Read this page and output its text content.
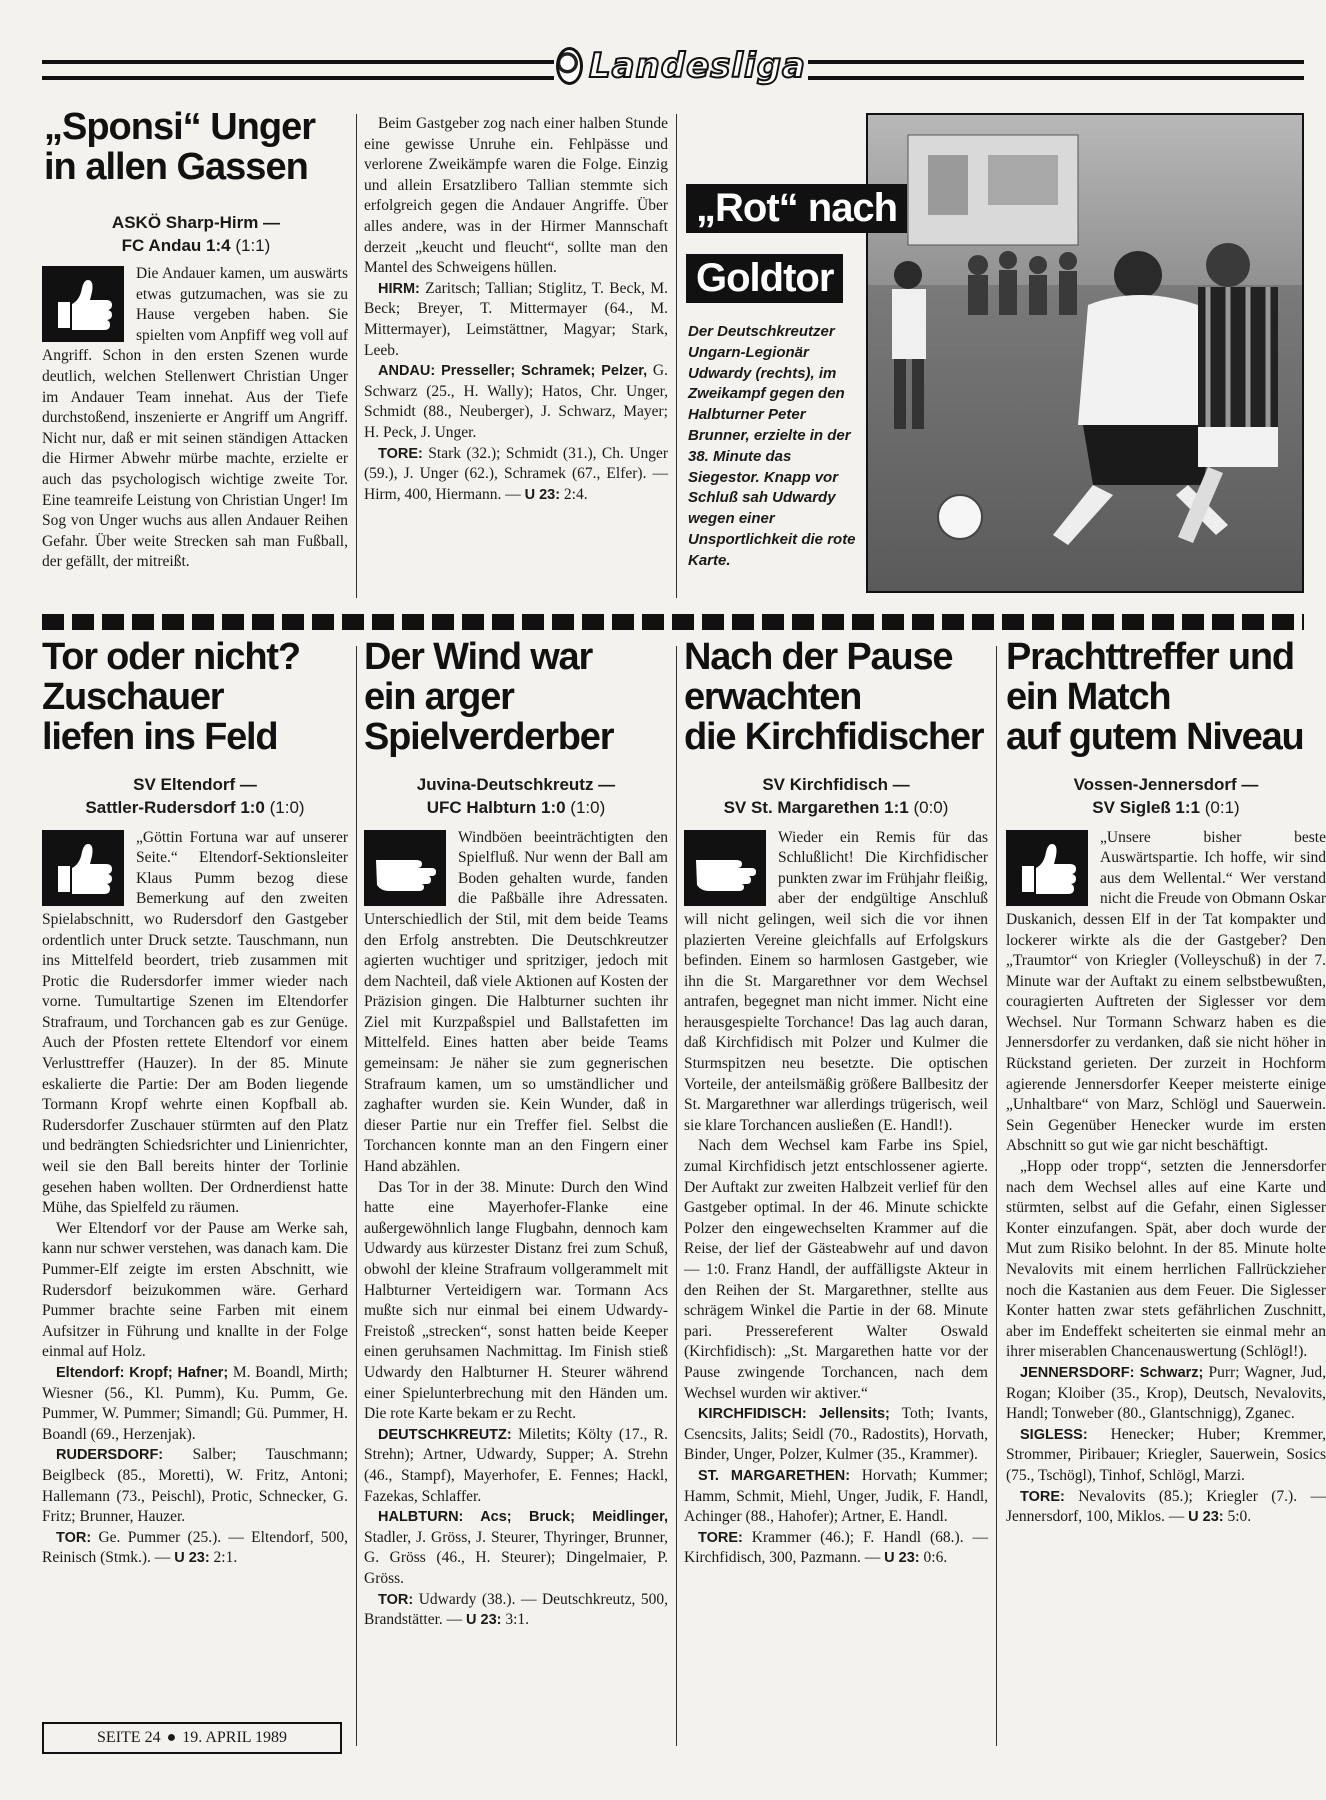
Landesliga
„Sponsi“ Unger
in allen Gassen
ASKÖ Sharp-Hirm —
FC Andau 1:4 (1:1)

Die Andauer kamen, um auswärts etwas gutzumachen, was sie zu Hause vergeben haben. Sie spielten vom Anpfiff weg voll auf Angriff. Schon in den ersten Szenen wurde deutlich, welchen Stellenwert Christian Unger im Andauer Team innehat. Aus der Tiefe durchstoßend, inszenierte er Angriff um Angriff. Nicht nur, daß er mit seinen ständigen Attacken die Hirmer Abwehr mürbe machte, erzielte er auch das psychologisch wichtige zweite Tor. Eine teamreife Leistung von Christian Unger! Im Sog von Unger wuchs aus allen Andauer Reihen Gefahr. Über weite Strecken sah man Fußball, der gefällt, der mitreißt.

Beim Gastgeber zog nach einer halben Stunde eine gewisse Unruhe ein. Fehlpässe und verlorene Zweikämpfe waren die Folge. Einzig und allein Ersatzlibero Tallian stemmte sich erfolgreich gegen die Andauer Angriffe. Über alles andere, was in der Hirmer Mannschaft derzeit „keucht und fleucht“, sollte man den Mantel des Schweigens hüllen.

HIRM: Zaritsch; Tallian; Stiglitz, T. Beck, M. Beck; Breyer, T. Mittermayer (64., M. Mittermayer), Leimstättner, Magyar; Stark, Leeb.

ANDAU: Presseller; Schramek; Pelzer, G. Schwarz (25., H. Wally); Hatos, Chr. Unger, Schmidt (88., Neuberger), J. Schwarz, Mayer; H. Peck, J. Unger.

TORE: Stark (32.); Schmidt (31.), Ch. Unger (59.), J. Unger (62.), Schramek (67., Elfer). — Hirm, 400, Hiermann. — U 23: 2:4.

„Rot“ nach
Goldtor
Der Deutschkreutzer Ungarn-Legionär Udwardy (rechts), im Zweikampf gegen den Halbturner Peter Brunner, erzielte in der 38. Minute das Siegestor. Knapp vor Schluß sah Udwardy wegen einer Unsportlichkeit die rote Karte.
Tor oder nicht?
Zuschauer
liefen ins Feld
SV Eltendorf —
Sattler-Rudersdorf 1:0 (1:0)

„Göttin Fortuna war auf unserer Seite.“ Eltendorf-Sektionsleiter Klaus Pumm bezog diese Bemerkung auf den zweiten Spielabschnitt, wo Rudersdorf den Gastgeber ordentlich unter Druck setzte. Tauschmann, nun ins Mittelfeld beordert, trieb zusammen mit Protic die Rudersdorfer immer wieder nach vorne. Tumultartige Szenen im Eltendorfer Strafraum, und Torchancen gab es zur Genüge. Auch der Pfosten rettete Eltendorf vor einem Verlusttreffer (Hauzer). In der 85. Minute eskalierte die Partie: Der am Boden liegende Tormann Kropf wehrte einen Kopfball ab. Rudersdorfer Zuschauer stürmten auf den Platz und bedrängten Schiedsrichter und Linienrichter, weil sie den Ball bereits hinter der Torlinie gesehen haben wollten. Der Ordnerdienst hatte Mühe, das Spielfeld zu räumen.

Wer Eltendorf vor der Pause am Werke sah, kann nur schwer verstehen, was danach kam. Die Pummer-Elf zeigte im ersten Abschnitt, wie Rudersdorf beizukommen wäre. Gerhard Pummer brachte seine Farben mit einem Aufsitzer in Führung und knallte in der Folge einmal auf Holz.

Eltendorf: Kropf; Hafner; M. Boandl, Mirth; Wiesner (56., Kl. Pumm), Ku. Pumm, Ge. Pummer, W. Pummer; Simandl; Gü. Pummer, H. Boandl (69., Herzenjak).

RUDERSDORF: Salber; Tauschmann; Beiglbeck (85., Moretti), W. Fritz, Antoni; Hallemann (73., Peischl), Protic, Schnecker, G. Fritz; Brunner, Hauzer.

TOR: Ge. Pummer (25.). — Eltendorf, 500, Reinisch (Stmk.). — U 23: 2:1.

Der Wind war
ein arger
Spielverderber
Juvina-Deutschkreutz —
UFC Halbturn 1:0 (1:0)

Windböen beeinträchtigten den Spielfluß. Nur wenn der Ball am Boden gehalten wurde, fanden die Paßbälle ihre Adressaten. Unterschiedlich der Stil, mit dem beide Teams den Erfolg anstrebten. Die Deutschkreutzer agierten wuchtiger und spritziger, jedoch mit dem Nachteil, daß viele Aktionen auf Kosten der Präzision gingen. Die Halbturner suchten ihr Ziel mit Kurzpaßspiel und Ballstafetten im Mittelfeld. Eines hatten aber beide Teams gemeinsam: Je näher sie zum gegnerischen Strafraum kamen, um so umständlicher und zaghafter wurden sie. Kein Wunder, daß in dieser Partie nur ein Treffer fiel. Selbst die Torchancen konnte man an den Fingern einer Hand abzählen.

Das Tor in der 38. Minute: Durch den Wind hatte eine Mayerhofer-Flanke eine außergewöhnlich lange Flugbahn, dennoch kam Udwardy aus kürzester Distanz frei zum Schuß, obwohl der kleine Strafraum vollgerammelt mit Halbturner Verteidigern war. Tormann Acs mußte sich nur einmal bei einem Udwardy-Freistoß „strecken“, sonst hatten beide Keeper einen geruhsamen Nachmittag. Im Finish stieß Udwardy den Halbturner H. Steurer während einer Spielunterbrechung mit den Händen um. Die rote Karte bekam er zu Recht.

DEUTSCHKREUTZ: Miletits; Költy (17., R. Strehn); Artner, Udwardy, Supper; A. Strehn (46., Stampf), Mayerhofer, E. Fennes; Hackl, Fazekas, Schlaffer.

HALBTURN: Acs; Bruck; Meidlinger, Stadler, J. Gröss, J. Steurer, Thyringer, Brunner, G. Gröss (46., H. Steurer); Dingelmaier, P. Gröss.

TOR: Udwardy (38.). — Deutschkreutz, 500, Brandstätter. — U 23: 3:1.

Nach der Pause
erwachten
die Kirchfidischer
SV Kirchfidisch —
SV St. Margarethen 1:1 (0:0)

Wieder ein Remis für das Schlußlicht! Die Kirchfidischer punkten zwar im Frühjahr fleißig, aber der endgültige Anschluß will nicht gelingen, weil sich die vor ihnen plazierten Vereine gleichfalls auf Erfolgskurs befinden. Einem so harmlosen Gastgeber, wie ihn die St. Margarethner vor dem Wechsel antrafen, begegnet man nicht immer. Nicht eine herausgespielte Torchance! Das lag auch daran, daß Kirchfidisch mit Polzer und Kulmer die Sturmspitzen neu besetzte. Die optischen Vorteile, der anteilsmäßig größere Ballbesitz der St. Margarethner war allerdings trügerisch, weil sie klare Torchancen ausließen (E. Handl!).

Nach dem Wechsel kam Farbe ins Spiel, zumal Kirchfidisch jetzt entschlossener agierte. Der Auftakt zur zweiten Halbzeit verlief für den Gastgeber optimal. In der 46. Minute schickte Polzer den eingewechselten Krammer auf die Reise, der lief der Gästeabwehr auf und davon — 1:0. Franz Handl, der auffälligste Akteur in den Reihen der St. Margarethner, stellte aus schrägem Winkel die Partie in der 68. Minute pari. Pressereferent Walter Oswald (Kirchfidisch): „St. Margarethen hatte vor der Pause zwingende Torchancen, nach dem Wechsel wurden wir aktiver.“

KIRCHFIDISCH: Jellensits; Toth; Ivants, Csencsits, Jalits; Seidl (70., Radostits), Horvath, Binder, Unger, Polzer, Kulmer (35., Krammer).

ST. MARGARETHEN: Horvath; Kummer; Hamm, Schmit, Miehl, Unger, Judik, F. Handl, Achinger (88., Hahofer); Artner, E. Handl.

TORE: Krammer (46.); F. Handl (68.). — Kirchfidisch, 300, Pazmann. — U 23: 0:6.

Prachttreffer und
ein Match
auf gutem Niveau
Vossen-Jennersdorf —
SV Sigleß 1:1 (0:1)

„Unsere bisher beste Auswärtspartie. Ich hoffe, wir sind aus dem Wellental.“ Wer verstand nicht die Freude von Obmann Oskar Duskanich, dessen Elf in der Tat kompakter und lockerer wirkte als die der Gastgeber? Den „Traumtor“ von Kriegler (Volleyschuß) in der 7. Minute war der Auftakt zu einem selbstbewußten, couragierten Auftreten der Siglesser vor dem Wechsel. Nur Tormann Schwarz haben es die Jennersdorfer zu verdanken, daß sie nicht höher in Rückstand gerieten. Der zurzeit in Hochform agierende Jennersdorfer Keeper meisterte einige „Unhaltbare“ von Marz, Schlögl und Sauerwein. Sein Gegenüber Henecker wurde im ersten Abschnitt so gut wie gar nicht beschäftigt.

„Hopp oder tropp“, setzten die Jennersdorfer nach dem Wechsel alles auf eine Karte und stürmten, selbst auf die Gefahr, einen Siglesser Konter einzufangen. Spät, aber doch wurde der Mut zum Risiko belohnt. In der 85. Minute holte Nevalovits mit einem herrlichen Fallrückzieher noch die Kastanien aus dem Feuer. Die Siglesser Konter hatten zwar stets gefährlichen Zuschnitt, aber im Endeffekt scheiterten sie einmal mehr an ihrer miserablen Chancenauswertung (Schlögl!).

JENNERSDORF: Schwarz; Purr; Wagner, Jud, Rogan; Kloiber (35., Krop), Deutsch, Nevalovits, Handl; Tonweber (80., Glantschnigg), Zganec.

SIGLESS: Henecker; Huber; Kremmer, Strommer, Piribauer; Kriegler, Sauerwein, Sosics (75., Tschögl), Tinhof, Schlögl, Marzi.

TORE: Nevalovits (85.); Kriegler (7.). — Jennersdorf, 100, Miklos. — U 23: 5:0.

SEITE 24 ● 19. APRIL 1989
